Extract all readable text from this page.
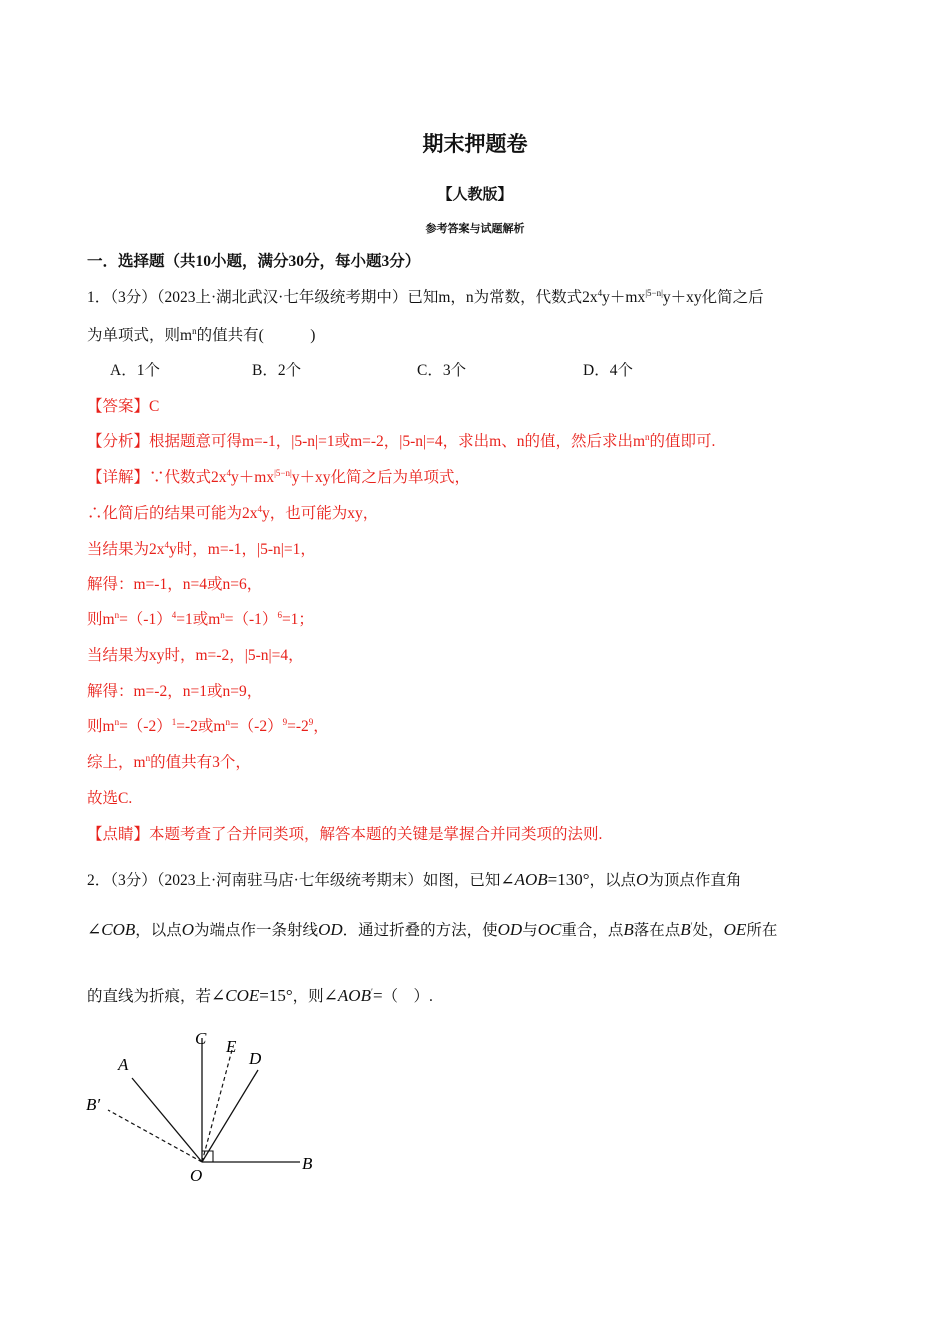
期末押题卷
【人教版】
参考答案与试题解析
一．选择题（共10小题，满分30分，每小题3分）
1．（3分）（2023上·湖北武汉·七年级统考期中）已知m，n为常数，代数式$2x^4y+mx^{|5-n|}y+xy$化简之后
为单项式，则$m^n$的值共有(　　　)
A．1个	B．2个	C．3个	D．4个
【答案】C
【分析】根据题意可得m=-1，|5-n|=1或m=-2，|5-n|=4，求出m、n的值，然后求出$m^n$的值即可.
【详解】∵代数式$2x^4y+mx^{|5-n|}y+xy$化简之后为单项式，
∴化简后的结果可能为$2x^4y$，也可能为xy，
当结果为$2x^4y$时，m=-1，|5-n|=1，
解得：m=-1，n=4或n=6，
则$m^n=(-1)^4=1$或$m^n=(-1)^6=1$；
当结果为xy时，m=-2，|5-n|=4，
解得：m=-2，n=1或n=9，
则$m^n=(-2)^1=-2$或$m^n=(-2)^9=-2^9$，
综上，$m^n$的值共有3个，
故选C.
【点睛】本题考查了合并同类项，解答本题的关键是掌握合并同类项的法则.
2．（3分）（2023上·河南驻马店·七年级统考期末）如图，已知∠AOB=130°，以点O为顶点作直角
∠COB，以点O为端点作一条射线OD．通过折叠的方法，使OD与OC重合，点B落在点B′处，OE所在
的直线为折痕，若∠COE=15°，则∠AOB′=（　）.
C E
D
A
B′
B
O
